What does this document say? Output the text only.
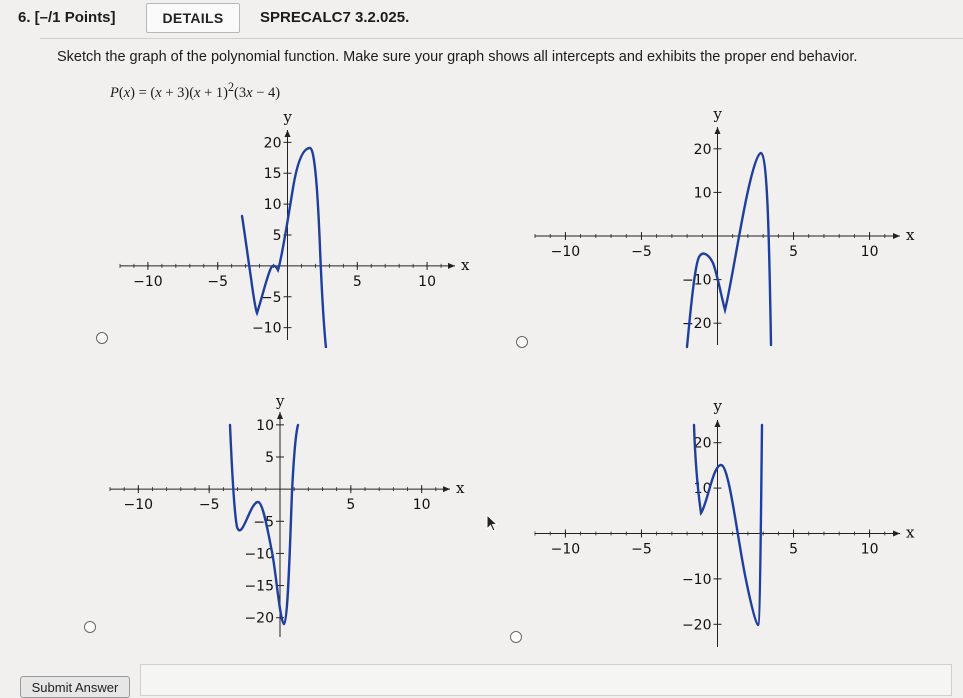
6. [–/1 Points]	DETAILS	SPRECALC7 3.2.025.
Sketch the graph of the polynomial function. Make sure your graph shows all intercepts and exhibits the proper end behavior.
$P(x) = (x + 3)(x + 1)^2(3x - 4)$
x
y
−10	−5	5	10
20
15
10
5
−5
−10
x
y
−10	−5	5	10
20
10
−10
−20
x
y
−10	−5	5	10
10
5
−5
−10
−15
−20
x
y
−10	−5	5	10
20
10
−10
−20
Submit Answer
